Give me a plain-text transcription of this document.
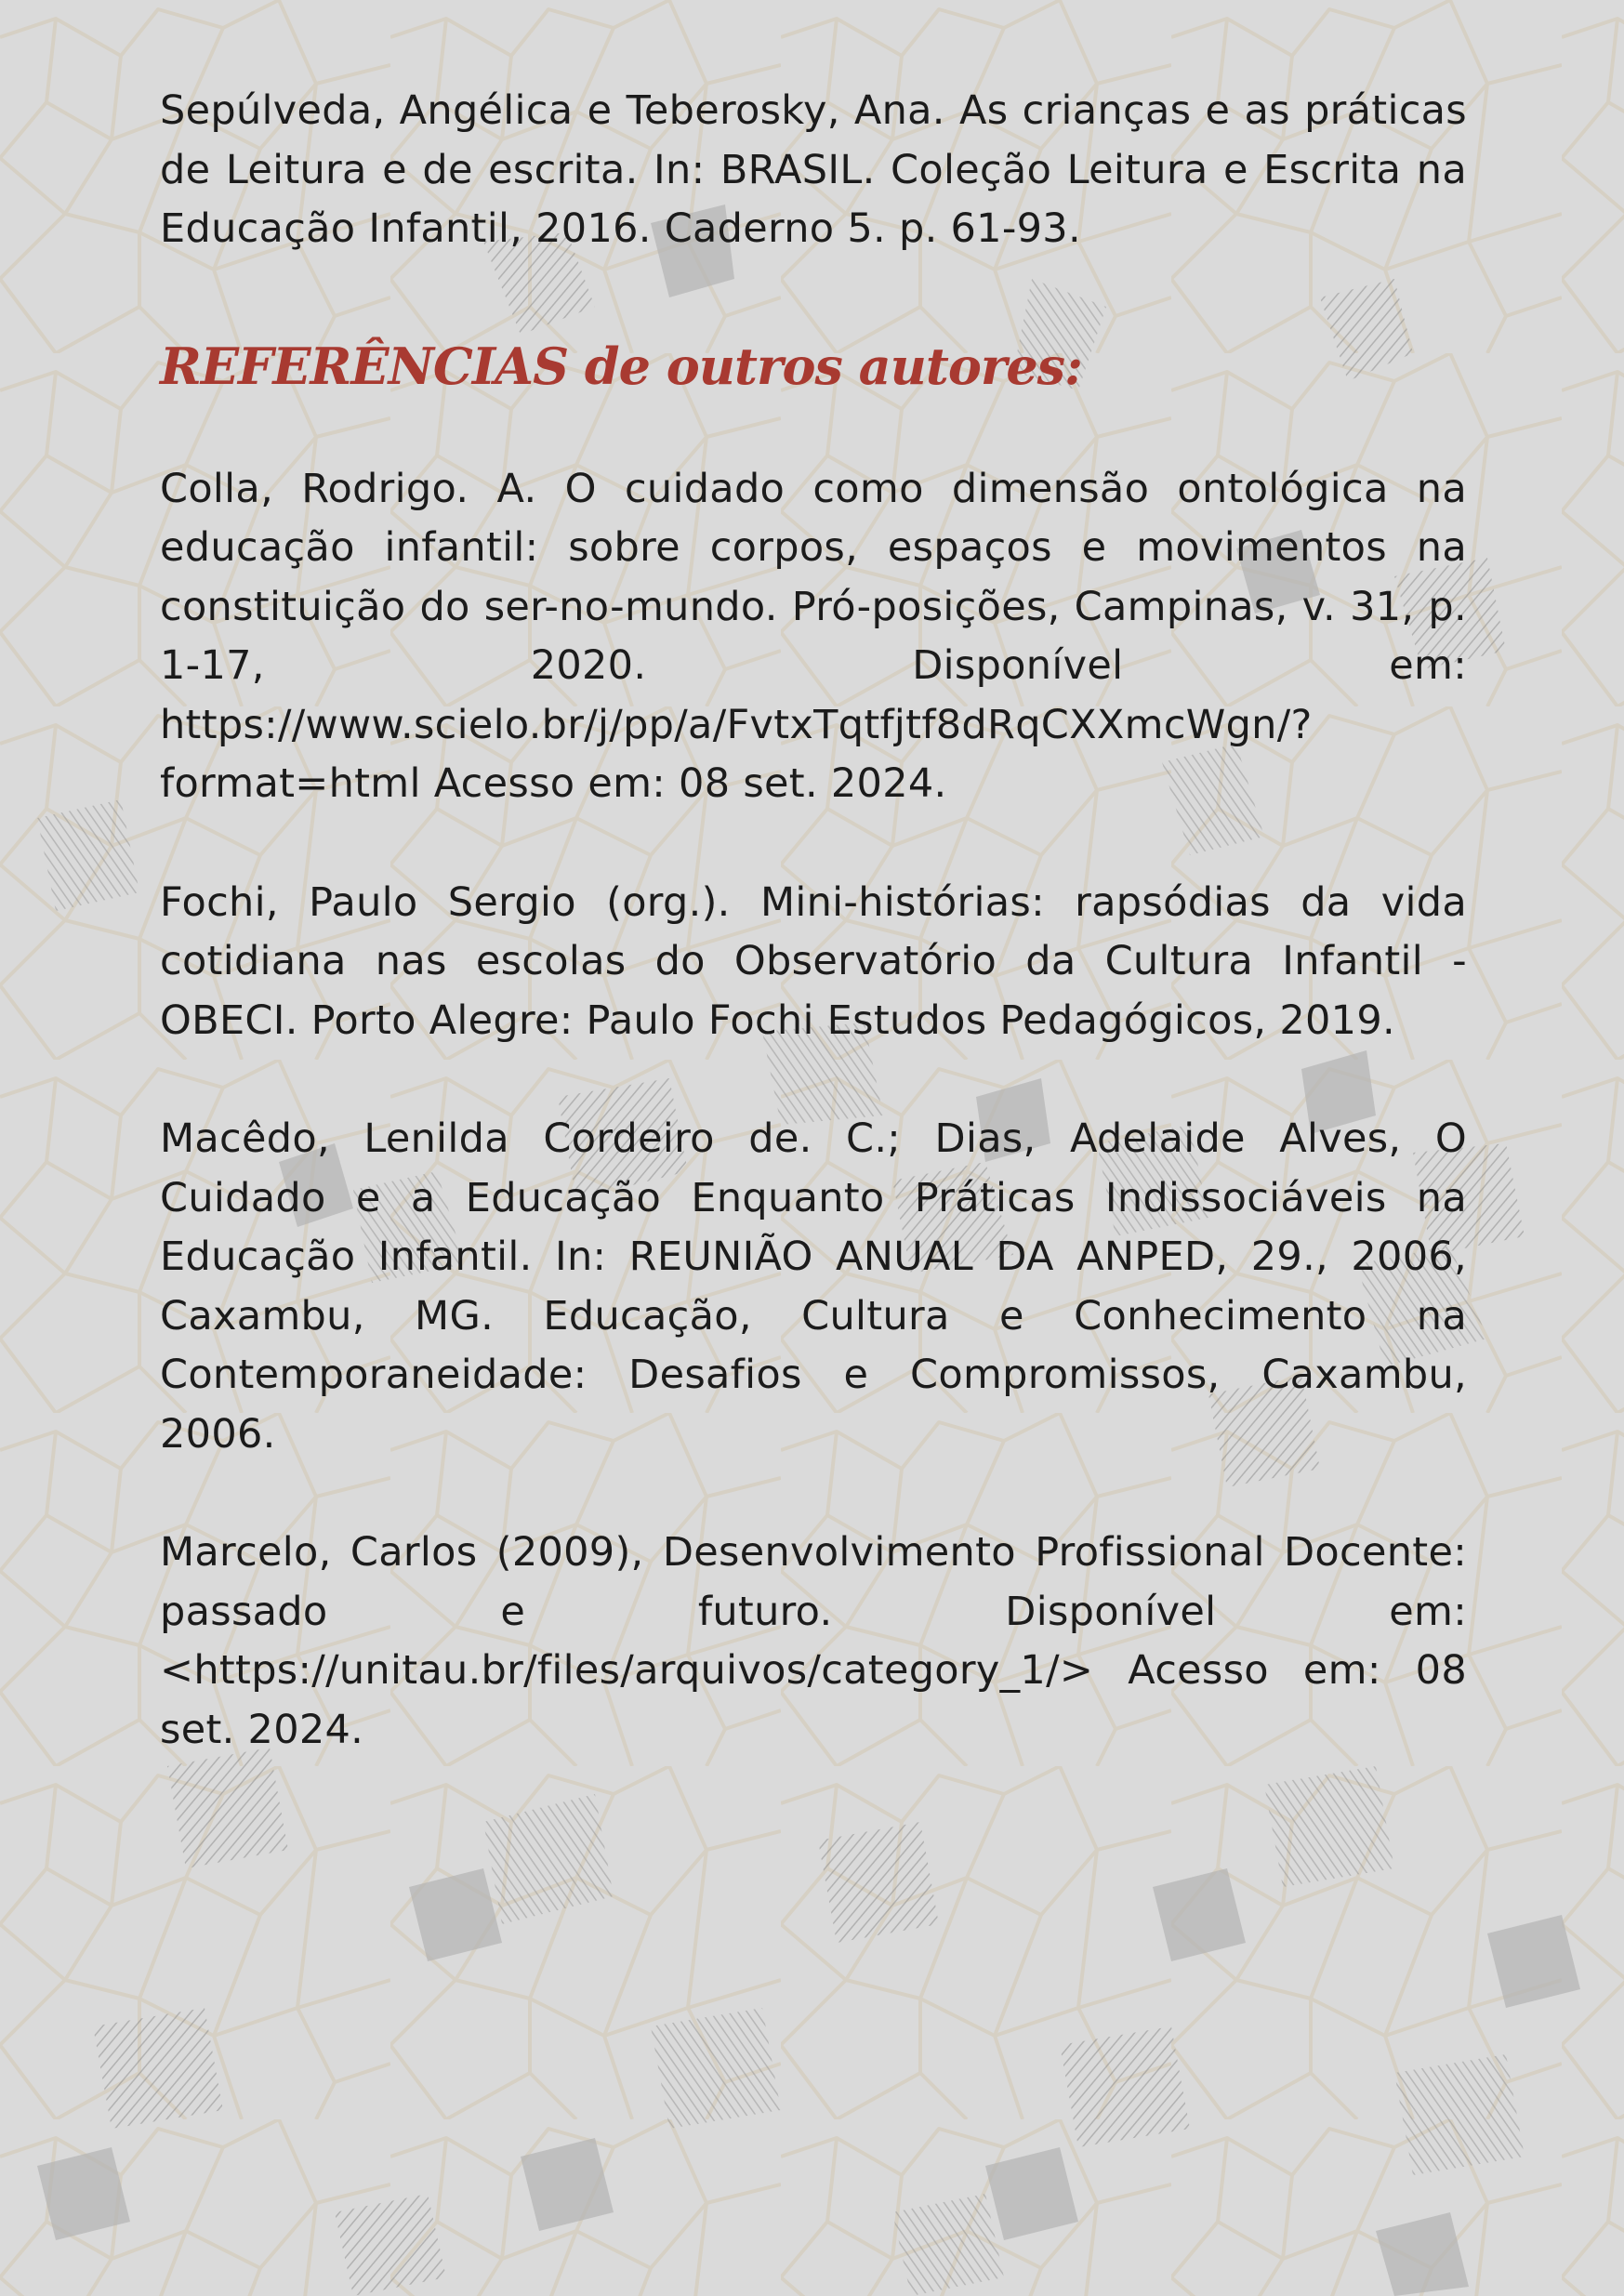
Sepúlveda, Angélica e Teberosky, Ana. As crianças e as práticas de Leitura e de escrita. In: BRASIL. Coleção Leitura e Escrita na Educação Infantil, 2016. Caderno 5. p. 61-93.

REFERÊNCIAS de outros autores:

Colla, Rodrigo. A. O cuidado como dimensão ontológica na educação infantil: sobre corpos, espaços e movimentos na constituição do ser-no-mundo. Pró-posições, Campinas, v. 31, p. 1-17, 2020. Disponível em: https://www.scielo.br/j/pp/a/FvtxTqtfjtf8dRqCXXmcWgn/?format=html Acesso em: 08 set. 2024.

Fochi, Paulo Sergio (org.). Mini-histórias: rapsódias da vida cotidiana nas escolas do Observatório da Cultura Infantil - OBECI. Porto Alegre: Paulo Fochi Estudos Pedagógicos, 2019.

Macêdo, Lenilda Cordeiro de. C.; Dias, Adelaide Alves, O Cuidado e a Educação Enquanto Práticas Indissociáveis na Educação Infantil. In: REUNIÃO ANUAL DA ANPED, 29., 2006, Caxambu, MG. Educação, Cultura e Conhecimento na Contemporaneidade: Desafios e Compromissos, Caxambu, 2006.

Marcelo, Carlos (2009), Desenvolvimento Profissional Docente: passado e futuro. Disponível em: <https://unitau.br/files/arquivos/category_1/> Acesso em: 08 set. 2024.
